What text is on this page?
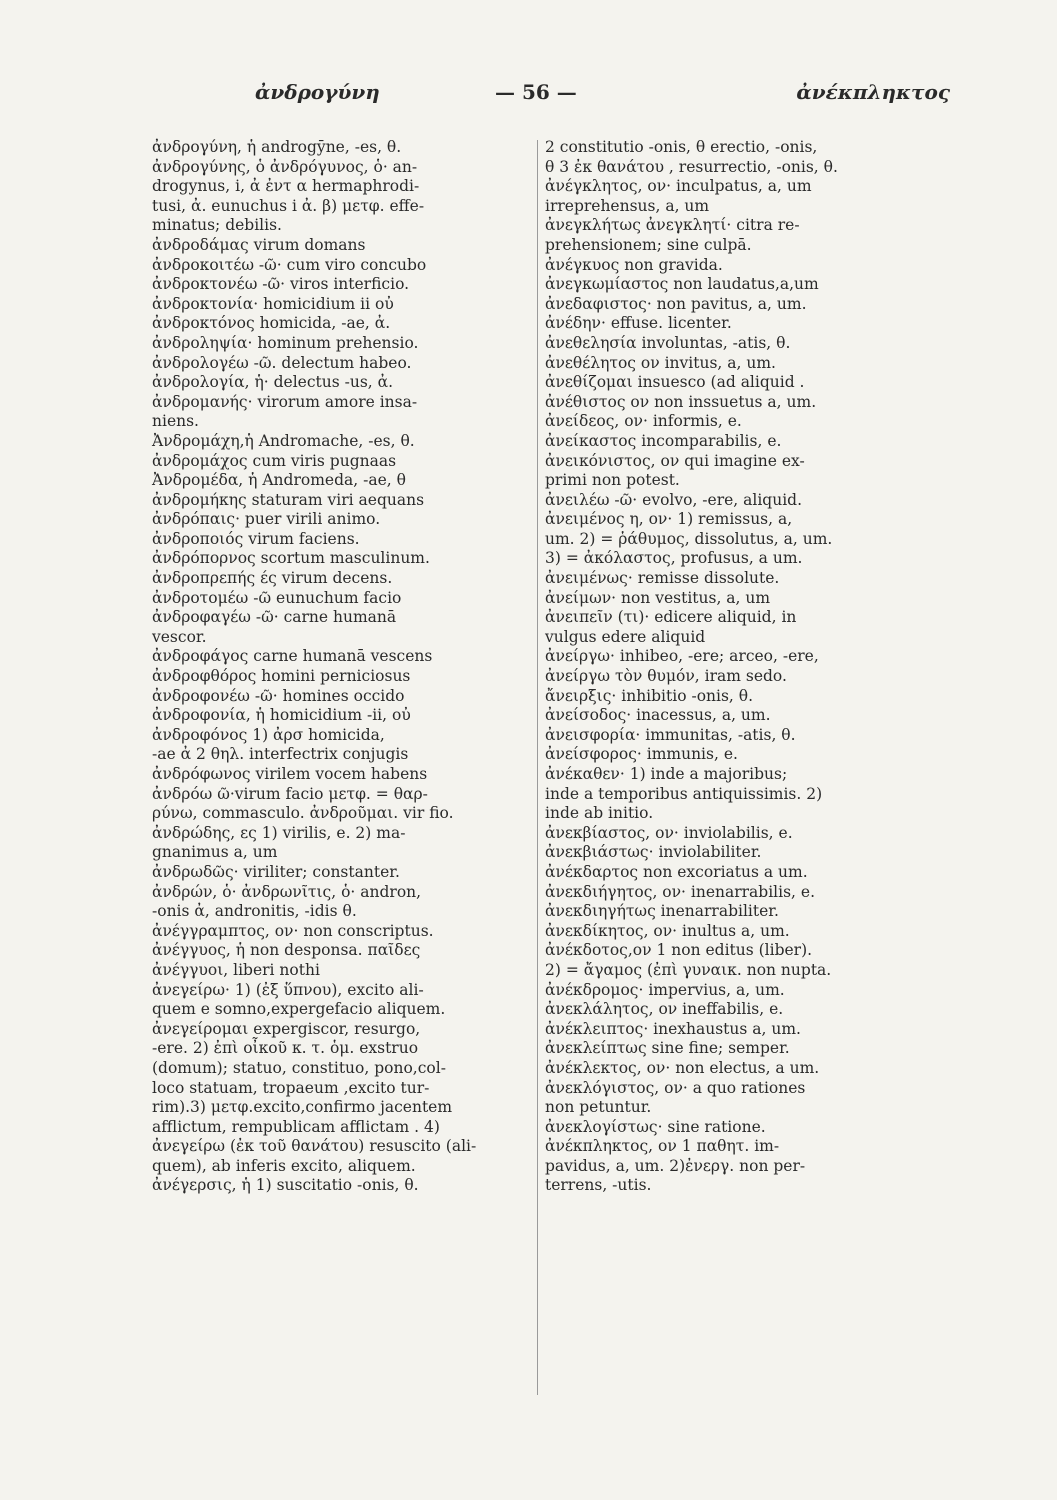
ἀνδρογύνη	— 56 —	ἀνέκπληκτος
ἀνδρογύνη, ἡ androgȳne, -es, θ.
ἀνδρογύνης, ὁ ἀνδρόγυνος, ὁ· an-
drogynus, i, ἀ ἐντ α hermaphrodi-
tusi, ἀ. eunuchus i ἀ. β) μετφ. effe-
minatus; debilis.
ἀνδροδάμας virum domans
ἀνδροκοιτέω -ῶ· cum viro concubo
ἀνδροκτονέω -ῶ· viros interficio.
ἀνδροκτονία· homicidium ii οὐ
ἀνδροκτόνος homicida, -ae, ἀ.
ἀνδροληψία· hominum prehensio.
ἀνδρολογέω -ῶ. delectum habeo.
ἀνδρολογία, ἡ· delectus -us, ἀ.
ἀνδρομανής· virorum amore insa-
niens.
Ἀνδρομάχη,ἡ Andromache, -es, θ.
ἀνδρομάχος cum viris pugnaas
Ἀνδρομέδα, ἡ Andromeda, -ae, θ
ἀνδρομήκης staturam viri aequans
ἀνδρόπαις· puer virili animo.
ἀνδροποιός virum faciens.
ἀνδρόπορνος scortum masculinum.
ἀνδροπρεπής ές virum decens.
ἀνδροτομέω -ῶ eunuchum facio
ἀνδροφαγέω -ῶ· carne humanā
vescor.
ἀνδροφάγος carne humanā vescens
ἀνδροφθόρος homini perniciosus
ἀνδροφονέω -ῶ· homines occido
ἀνδροφονία, ἡ homicidium -ii, οὐ
ἀνδροφόνος 1) ἀρσ homicida,
-ae ἀ 2 θηλ. interfectrix conjugis
ἀνδρόφωνος virilem vocem habens
ἀνδρόω ῶ·virum facio μετφ. = θαρ-
ρύνω, commasculo. ἀνδροῦμαι. vir fio.
ἀνδρώδης, ες 1) virilis, e. 2) ma-
gnanimus a, um
ἀνδρωδῶς· viriliter; constanter.
ἀνδρών, ὁ· ἀνδρωνῖτις, ὁ· andron,
-onis ἀ, andronitis, -idis θ.
ἀνέγγραμπτος, ον· non conscriptus.
ἀνέγγυος, ἡ non desponsa. παῖδες
ἀνέγγυοι, liberi nothi
ἀνεγείρω· 1) (ἐξ ὕπνου), excito ali-
quem e somno,expergefacio aliquem.
ἀνεγείρομαι expergiscor, resurgo,
-ere. 2) ἐπὶ οἶκοῦ κ. τ. ὁμ. exstruo
(domum); statuo, constituo, pono,col-
loco statuam, tropaeum ,excito tur-
rim).3) μετφ.excito,confirmo jacentem
afflictum, rempublicam afflictam . 4)
ἀνεγείρω (ἐκ τοῦ θανάτου) resuscito (ali-
quem), ab inferis excito, aliquem.
ἀνέγερσις, ἡ 1) suscitatio -onis, θ.
2 constitutio -onis, θ erectio, -onis,
θ 3 ἐκ θανάτου , resurrectio, -onis, θ.
ἀνέγκλητος, ον· inculpatus, a, um
irreprehensus, a, um
ἀνεγκλήτως ἀνεγκλητί· citra re-
prehensionem; sine culpā.
ἀνέγκυος non gravida.
ἀνεγκωμίαστος non laudatus,a,um
ἀνεδαφιστος· non pavitus, a, um.
ἀνέδην· effuse. licenter.
ἀνεθελησία involuntas, -atis, θ.
ἀνεθέλητος ον invitus, a, um.
ἀνεθίζομαι insuesco (ad aliquid .
ἀνέθιστος ον non inssuetus a, um.
ἀνείδεος, ον· informis, e.
ἀνείκαστος incomparabilis, e.
ἀνεικόνιστος, ον qui imagine ex-
primi non potest.
ἀνειλέω -ῶ· evolvo, -ere, aliquid.
ἀνειμένος η, ον· 1) remissus, a,
um. 2) = ῥάθυμος, dissolutus, a, um.
3) = ἀκόλαστος, profusus, a um.
ἀνειμένως· remisse dissolute.
ἀνείμων· non vestitus, a, um
ἀνειπεῖν (τι)· edicere aliquid, in
vulgus edere aliquid
ἀνείργω· inhibeo, -ere; arceo, -ere,
ἀνείργω τὸν θυμόν, iram sedo.
ἄνειρξις· inhibitio -onis, θ.
ἀνείσοδος· inacessus, a, um.
ἀνεισφορία· immunitas, -atis, θ.
ἀνείσφορος· immunis, e.
ἀνέκαθεν· 1) inde a majoribus;
inde a temporibus antiquissimis. 2)
inde ab initio.
ἀνεκβίαστος, ον· inviolabilis, e.
ἀνεκβιάστως· inviolabiliter.
ἀνέκδαρτος non excoriatus a um.
ἀνεκδιήγητος, ον· inenarrabilis, e.
ἀνεκδιηγήτως inenarrabiliter.
ἀνεκδίκητος, ον· inultus a, um.
ἀνέκδοτος,ον 1 non editus (liber).
2) = ἄγαμος (ἐπὶ γυναικ. non nupta.
ἀνέκδρομος· impervius, a, um.
ἀνεκλάλητος, ον ineffabilis, e.
ἀνέκλειπτος· inexhaustus a, um.
ἀνεκλείπτως sine fine; semper.
ἀνέκλεκτος, ον· non electus, a um.
ἀνεκλόγιστος, ον· a quo rationes
non petuntur.
ἀνεκλογίστως· sine ratione.
ἀνέκπληκτος, ον 1 παθητ. im-
pavidus, a, um. 2)ἐνεργ. non per-
terrens, -utis.
